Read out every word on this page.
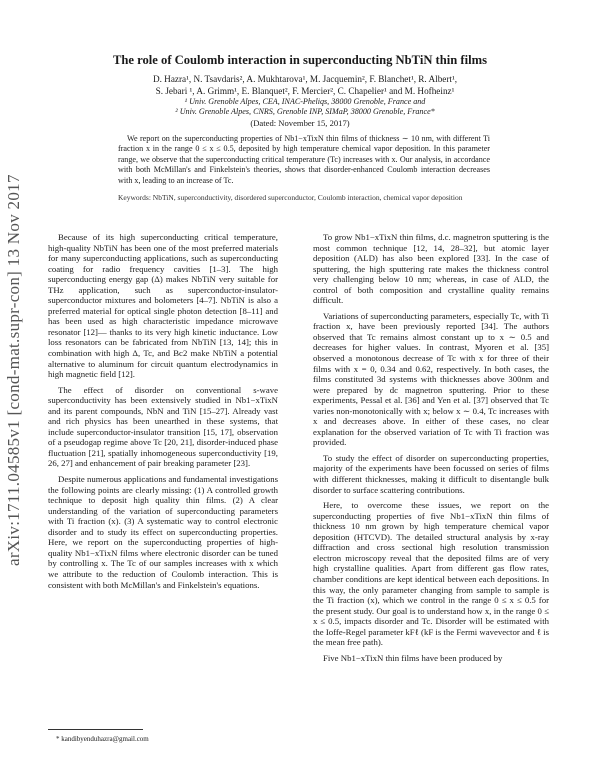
arXiv:1711.04585v1 [cond-mat.supr-con] 13 Nov 2017
The role of Coulomb interaction in superconducting NbTiN thin films
D. Hazra¹, N. Tsavdaris², A. Mukhtarova¹, M. Jacquemin², F. Blanchet¹, R. Albert¹,
S. Jebari ¹, A. Grimm¹, E. Blanquet², F. Mercier², C. Chapelier¹ and M. Hofheinz¹
¹ Univ. Grenoble Alpes, CEA, INAC-Pheliqs, 38000 Grenoble, France and
² Univ. Grenoble Alpes, CNRS, Grenoble INP, SIMaP, 38000 Grenoble, France*
(Dated: November 15, 2017)
We report on the superconducting properties of Nb1−xTixN thin films of thickness ∼ 10 nm, with different Ti fraction x in the range 0 ≤ x ≤ 0.5, deposited by high temperature chemical vapor deposition. In this parameter range, we observe that the superconducting critical temperature (Tc) increases with x. Our analysis, in accordance with both McMillan's and Finkelstein's theories, shows that disorder-enhanced Coulomb interaction decreases with x, leading to an increase of Tc.
Keywords: NbTiN, superconductivity, disordered superconductor, Coulomb interaction, chemical vapor deposition

Because of its high superconducting critical temperature, high-quality NbTiN has been one of the most preferred materials for many superconducting applications, such as superconducting coating for radio frequency cavities [1–3]. The high superconducting energy gap (Δ) makes NbTiN very suitable for THz application, such as superconductor-insulator-superconductor mixtures and bolometers [4–7]. NbTiN is also a preferred material for optical single photon detection [8–11] and has been used as high characteristic impedance microwave resonator [12]— thanks to its very high kinetic inductance. Low loss resonators can be fabricated from NbTiN [13, 14]; this in combination with high Δ, Tc, and Bc2 make NbTiN a potential alternative to aluminum for circuit quantum electrodynamics in high magnetic field [12].

The effect of disorder on conventional s-wave superconductivity has been extensively studied in Nb1−xTixN and its parent compounds, NbN and TiN [15–27]. Already vast and rich physics has been unearthed in these systems, that include superconductor-insulator transition [15, 17], observation of a pseudogap regime above Tc [20, 21], disorder-induced phase fluctuation [21], spatially inhomogeneous superconductivity [19, 26, 27] and enhancement of pair breaking parameter [23].

Despite numerous applications and fundamental investigations the following points are clearly missing: (1) A controlled growth technique to deposit high quality thin films. (2) A clear understanding of the variation of superconducting parameters with Ti fraction (x). (3) A systematic way to control electronic disorder and to study its effect on superconducting properties. Here, we report on the superconducting properties of high-quality Nb1−xTixN films where electronic disorder can be tuned by controlling x. The Tc of our samples increases with x which we attribute to the reduction of Coulomb interaction. This is consistent with both McMillan's and Finkelstein's equations.

To grow Nb1−xTixN thin films, d.c. magnetron sputtering is the most common technique [12, 14, 28–32], but atomic layer deposition (ALD) has also been explored [33]. In the case of sputtering, the high sputtering rate makes the thickness control very challenging below 10 nm; whereas, in case of ALD, the control of both composition and crystalline quality remains difficult.

Variations of superconducting parameters, especially Tc, with Ti fraction x, have been previously reported [34]. The authors observed that Tc remains almost constant up to x ∼ 0.5 and decreases for higher values. In contrast, Myoren et al. [35] observed a monotonous decrease of Tc with x for three of their films with x = 0, 0.34 and 0.62, respectively. In both cases, the films constituted 3d systems with thicknesses above 300nm and were prepared by dc magnetron sputtering. Prior to these experiments, Pessal et al. [36] and Yen et al. [37] observed that Tc varies non-monotonically with x; below x ∼ 0.4, Tc increases with x and decreases above. In either of these cases, no clear explanation for the observed variation of Tc with Ti fraction was provided.

To study the effect of disorder on superconducting properties, majority of the experiments have been focussed on series of films with different thicknesses, making it difficult to disentangle bulk disorder to surface scattering contributions.

Here, to overcome these issues, we report on the superconducting properties of five Nb1−xTixN thin films of thickness 10 nm grown by high temperature chemical vapor deposition (HTCVD). The detailed structural analysis by x-ray diffraction and cross sectional high resolution transmission electron microscopy reveal that the deposited films are of very high crystalline qualities. Apart from different gas flow rates, chamber conditions are kept identical between each depositions. In this way, the only parameter changing from sample to sample is the Ti fraction (x), which we control in the range 0 ≤ x ≤ 0.5 for the present study. Our goal is to understand how x, in the range 0 ≤ x ≤ 0.5, impacts disorder and Tc. Disorder will be estimated with the Ioffe-Regel parameter kFℓ (kF is the Fermi wavevector and ℓ is the mean free path).

Five Nb1−xTixN thin films have been produced by

* kandibyenduhazra@gmail.com
